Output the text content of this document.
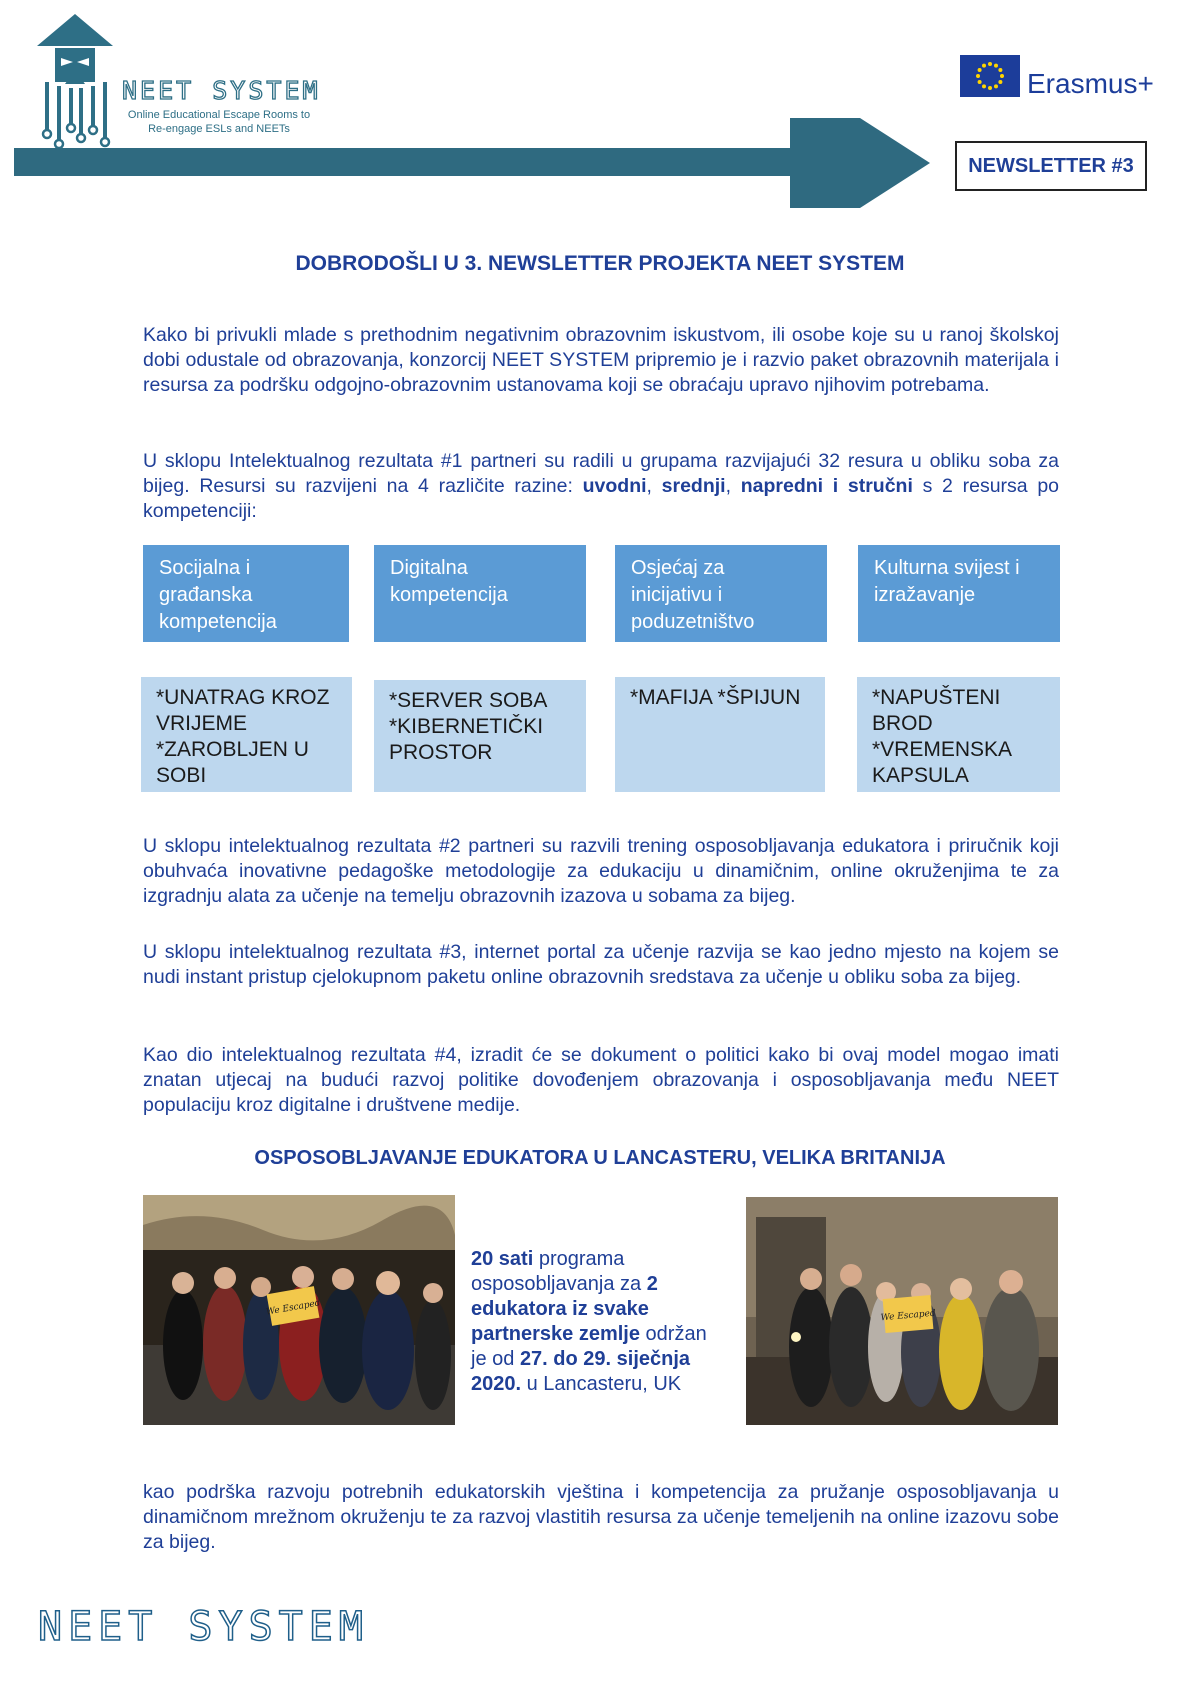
NEET SYSTEM
Online Educational Escape Rooms to Re-engage ESLs and NEETs
Erasmus+
NEWSLETTER #3
DOBRODOŠLI U 3. NEWSLETTER PROJEKTA NEET SYSTEM
Kako bi privukli mlade s prethodnim negativnim obrazovnim iskustvom, ili osobe koje su u ranoj školskoj dobi odustale od obrazovanja, konzorcij NEET SYSTEM pripremio je i razvio paket obrazovnih materijala i resursa za podršku odgojno-obrazovnim ustanovama koji se obraćaju upravo njihovim potrebama.
U sklopu Intelektualnog rezultata #1 partneri su radili u grupama razvijajući 32 resura u obliku soba za bijeg. Resursi su razvijeni na 4 različite razine: uvodni, srednji, napredni i stručni s 2 resursa po kompetenciji:
Socijalna i građanska kompetencija
Digitalna kompetencija
Osjećaj za inicijativu i poduzetništvo
Kulturna svijest i izražavanje
*UNATRAG KROZ VRIJEME *ZAROBLJEN U SOBI
*SERVER SOBA *KIBERNETIČKI PROSTOR
*MAFIJA *ŠPIJUN	*NAPUŠTENI BROD *VREMENSKA KAPSULA
U sklopu intelektualnog rezultata #2 partneri su razvili trening osposobljavanja edukatora i priručnik koji obuhvaća inovativne pedagoške metodologije za edukaciju u dinamičnim, online okruženjima te za izgradnju alata za učenje na temelju obrazovnih izazova u sobama za bijeg.
U sklopu intelektualnog rezultata #3, internet portal za učenje razvija se kao jedno mjesto na kojem se nudi instant pristup cjelokupnom paketu online obrazovnih sredstava za učenje u obliku soba za bijeg.
Kao dio intelektualnog rezultata #4, izradit će se dokument o politici kako bi ovaj model mogao imati znatan utjecaj na budući razvoj politike dovođenjem obrazovanja i osposobljavanja među NEET populaciju kroz digitalne i društvene medije.
OSPOSOBLJAVANJE EDUKATORA U LANCASTERU, VELIKA BRITANIJA
We Escaped
20 sati programa osposobljavanja za 2 edukatora iz svake partnerske zemlje održan je od 27. do 29. siječnja 2020. u Lancasteru, UK
We Escaped
kao podrška razvoju potrebnih edukatorskih vještina i kompetencija za pružanje osposobljavanja u dinamičnom mrežnom okruženju te za razvoj vlastitih resursa za učenje temeljenih na online izazovu sobe za bijeg.
NEET SYSTEM
